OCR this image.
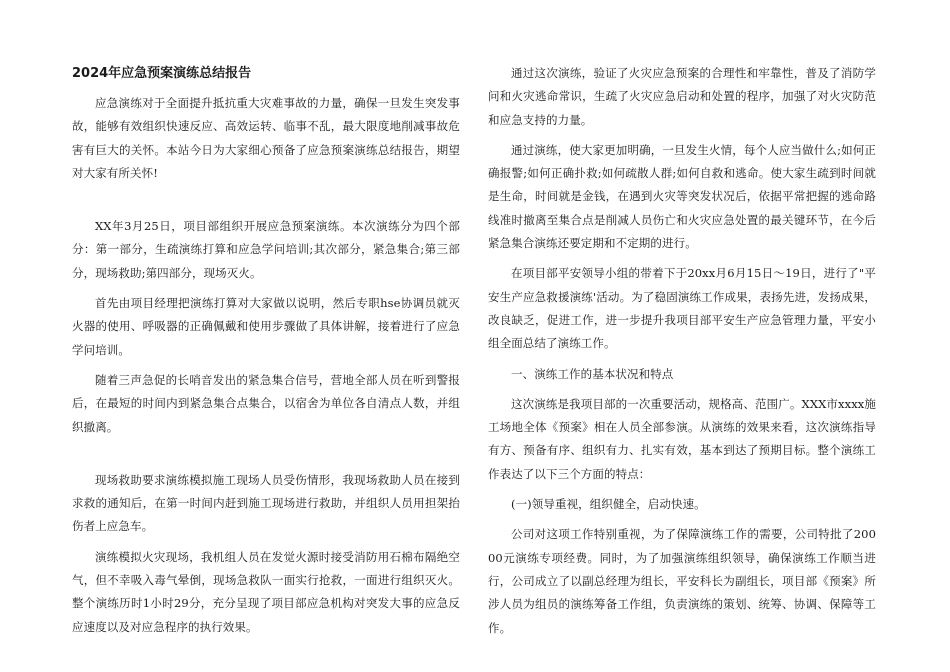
2024年应急预案演练总结报告

应急演练对于全面提升抵抗重大灾难事故的力量，确保一旦发生突发事故，能够有效组织快速反应、高效运转、临事不乱，最大限度地削减事故危害有巨大的关怀。本站今日为大家细心预备了应急预案演练总结报告，期望对大家有所关怀!

XX年3月25日，项目部组织开展应急预案演练。本次演练分为四个部分：第一部分，生疏演练打算和应急学问培训;其次部分，紧急集合;第三部分，现场救助;第四部分，现场灭火。

首先由项目经理把演练打算对大家做以说明，然后专职hse协调员就灭火器的使用、呼吸器的正确佩戴和使用步骤做了具体讲解，接着进行了应急学问培训。

随着三声急促的长哨音发出的紧急集合信号，营地全部人员在听到警报后，在最短的时间内到紧急集合点集合，以宿舍为单位各自清点人数，并组织撤离。

现场救助要求演练模拟施工现场人员受伤情形，我现场救助人员在接到求救的通知后，在第一时间内赶到施工现场进行救助，并组织人员用担架抬伤者上应急车。

演练模拟火灾现场，我机组人员在发觉火源时接受消防用石棉布隔绝空气，但不幸吸入毒气晕倒，现场急救队一面实行抢救，一面进行组织灭火。整个演练历时1小时29分，充分呈现了项目部应急机构对突发大事的应急反应速度以及对应急程序的执行效果。

通过这次演练，验证了火灾应急预案的合理性和牢靠性，普及了消防学问和火灾逃命常识，生疏了火灾应急启动和处置的程序，加强了对火灾防范和应急支持的力量。

通过演练，使大家更加明确，一旦发生火情，每个人应当做什么;如何正确报警;如何正确扑救;如何疏散人群;如何自救和逃命。使大家生疏到时间就是生命，时间就是金钱，在遇到火灾等突发状况后，依据平常把握的逃命路线准时撤离至集合点是削减人员伤亡和火灾应急处置的最关键环节，在今后紧急集合演练还要定期和不定期的进行。

在项目部平安领导小组的带着下于20xx月6月15日～19日，进行了"平安生产应急救援演练'活动。为了稳固演练工作成果，表扬先进，发扬成果，改良缺乏，促进工作，进一步提升我项目部平安生产应急管理力量，平安小组全面总结了演练工作。

一、演练工作的基本状况和特点

这次演练是我项目部的一次重要活动，规格高、范围广。XXX市xxxx施工场地全体《预案》相在人员全部参演。从演练的效果来看，这次演练指导有方、预备有序、组织有力、扎实有效，基本到达了预期目标。整个演练工作表达了以下三个方面的特点：

(一)领导重视，组织健全，启动快速。

公司对这项工作特别重视，为了保障演练工作的需要，公司特批了20000元演练专项经费。同时，为了加强演练组织领导，确保演练工作顺当进行，公司成立了以副总经理为组长，平安科长为副组长，项目部《预案》所涉人员为组员的演练筹备工作组，负责演练的策划、统筹、协调、保障等工作。
